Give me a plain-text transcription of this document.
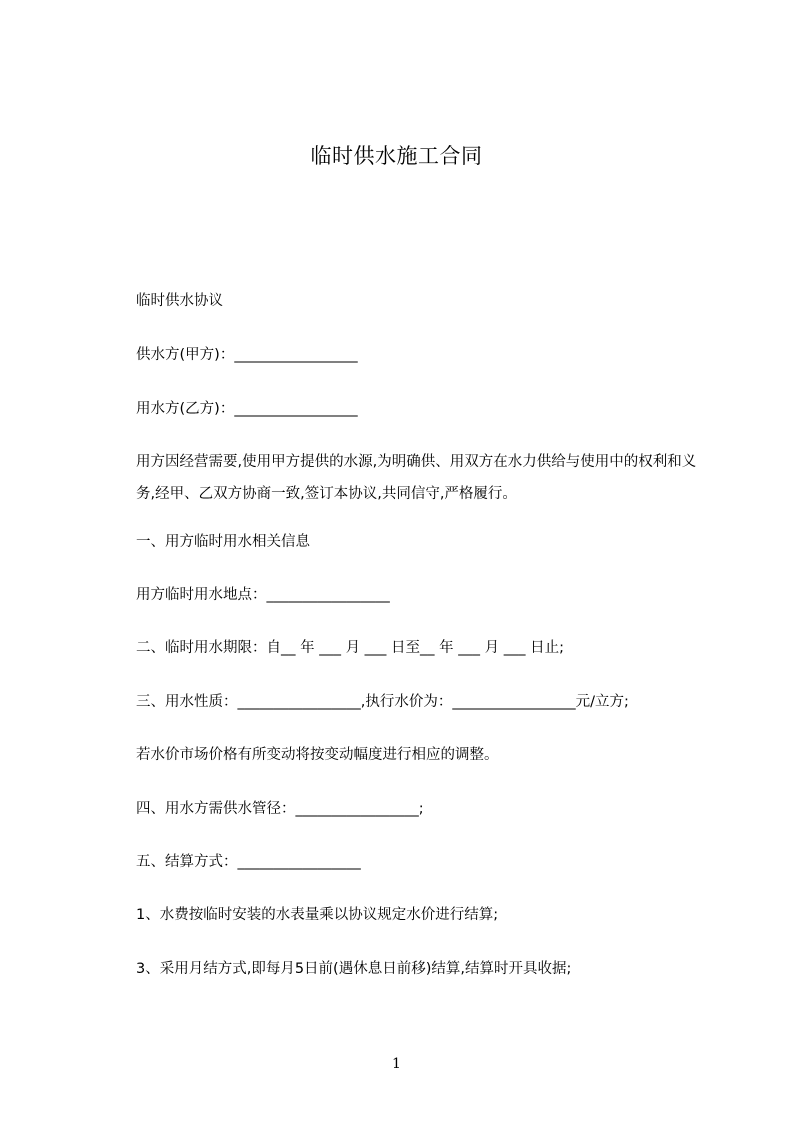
临时供水施工合同
临时供水协议
供水方(甲方)：_________________
用水方(乙方)：_________________
用方因经营需要,使用甲方提供的水源,为明确供、用双方在水力供给与使用中的权利和义务,经甲、乙双方协商一致,签订本协议,共同信守,严格履行。
一、用方临时用水相关信息
用方临时用水地点：_________________
二、临时用水期限：自__ 年 ___ 月 ___ 日至__ 年 ___ 月 ___ 日止;
三、用水性质：_________________,执行水价为：_________________元/立方;
若水价市场价格有所变动将按变动幅度进行相应的调整。
四、用水方需供水管径：_________________;
五、结算方式：_________________
1、水费按临时安装的水表量乘以协议规定水价进行结算;
3、采用月结方式,即每月5日前(遇休息日前移)结算,结算时开具收据;
1
